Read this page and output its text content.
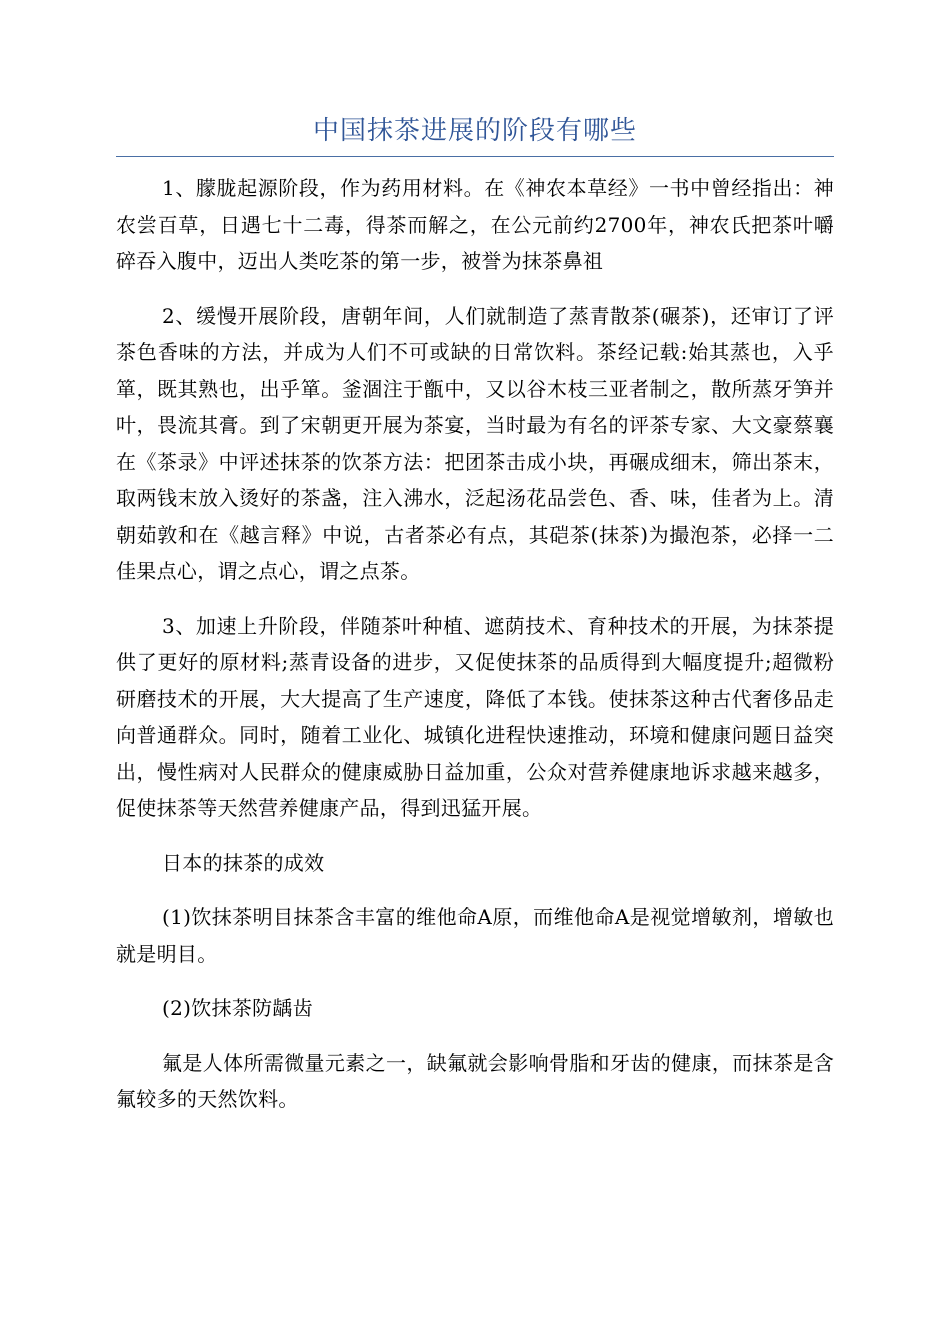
中国抹茶进展的阶段有哪些

1、朦胧起源阶段，作为药用材料。在《神农本草经》一书中曾经指出：神农尝百草，日遇七十二毒，得茶而解之，在公元前约2700年，神农氏把茶叶嚼碎吞入腹中，迈出人类吃茶的第一步，被誉为抹茶鼻祖

2、缓慢开展阶段，唐朝年间，人们就制造了蒸青散茶(碾茶)，还审订了评茶色香味的方法，并成为人们不可或缺的日常饮料。茶经记载:始其蒸也，入乎箪，既其熟也，出乎箪。釜涸注于甑中，又以谷木枝三亚者制之，散所蒸牙笋并叶，畏流其膏。到了宋朝更开展为茶宴，当时最为有名的评茶专家、大文豪蔡襄在《茶录》中评述抹茶的饮茶方法：把团茶击成小块，再碾成细末，筛出茶末，取两钱末放入烫好的茶盏，注入沸水，泛起汤花品尝色、香、味，佳者为上。清朝茹敦和在《越言释》中说，古者茶必有点，其硙茶(抹茶)为撮泡茶，必择一二佳果点心，谓之点心，谓之点茶。

3、加速上升阶段，伴随茶叶种植、遮荫技术、育种技术的开展，为抹茶提供了更好的原材料;蒸青设备的进步，又促使抹茶的品质得到大幅度提升;超微粉研磨技术的开展，大大提高了生产速度，降低了本钱。使抹茶这种古代奢侈品走向普通群众。同时，随着工业化、城镇化进程快速推动，环境和健康问题日益突出，慢性病对人民群众的健康威胁日益加重，公众对营养健康地诉求越来越多，促使抹茶等天然营养健康产品，得到迅猛开展。

日本的抹茶的成效

(1)饮抹茶明目抹茶含丰富的维他命A原，而维他命A是视觉增敏剂，增敏也就是明目。

(2)饮抹茶防龋齿

氟是人体所需微量元素之一，缺氟就会影响骨脂和牙齿的健康，而抹茶是含氟较多的天然饮料。
